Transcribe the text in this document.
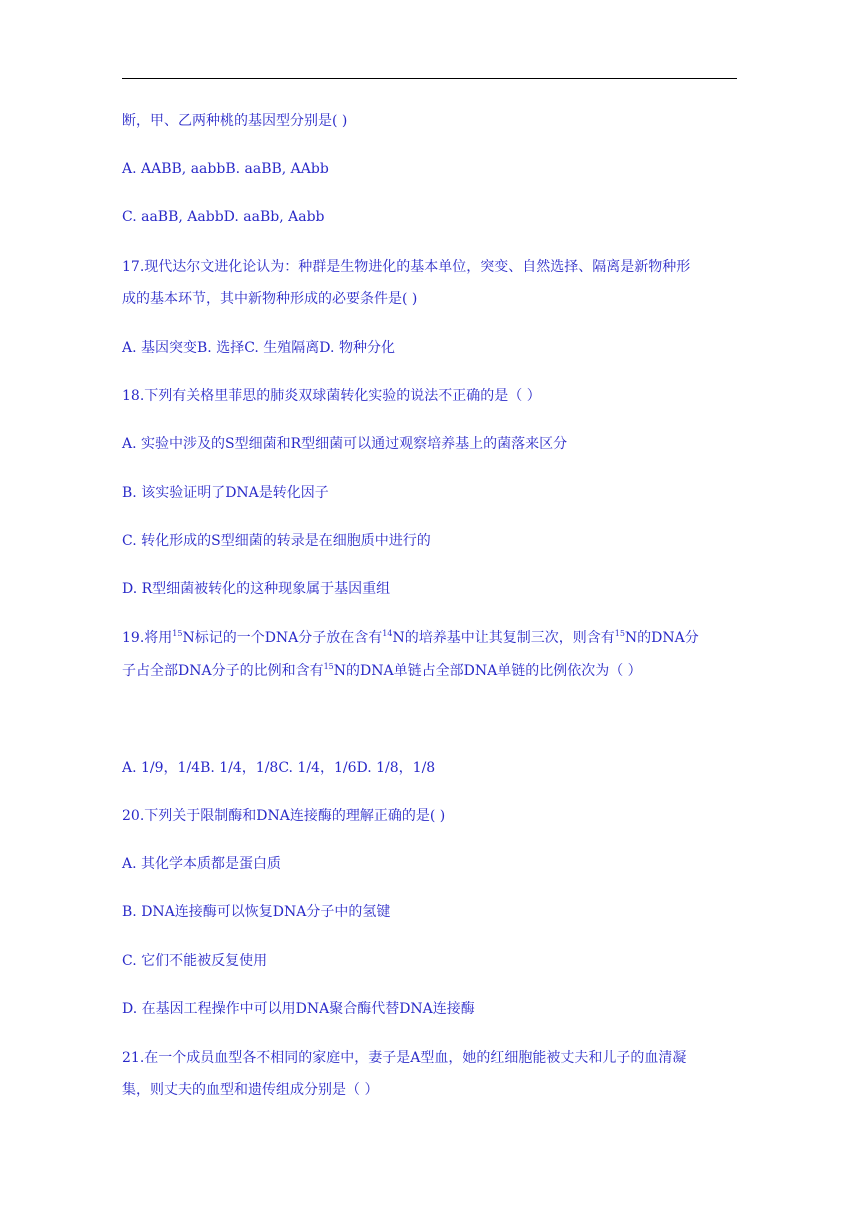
断，甲、乙两种桃的基因型分别是( )
A. AABB, aabbB. aaBB, AAbb
C. aaBB, AabbD. aaBb, Aabb
17.现代达尔文进化论认为：种群是生物进化的基本单位，突变、自然选择、隔离是新物种形
成的基本环节，其中新物种形成的必要条件是( )
A. 基因突变B. 选择C. 生殖隔离D. 物种分化
18.下列有关格里菲思的肺炎双球菌转化实验的说法不正确的是（ ）
A. 实验中涉及的S型细菌和R型细菌可以通过观察培养基上的菌落来区分
B. 该实验证明了DNA是转化因子
C. 转化形成的S型细菌的转录是在细胞质中进行的
D. R型细菌被转化的这种现象属于基因重组
19.将用$^{15}$N标记的一个DNA分子放在含有$^{14}$N的培养基中让其复制三次，则含有$^{15}$N的DNA分
子占全部DNA分子的比例和含有$^{15}$N的DNA单链占全部DNA单链的比例依次为（ ）
A. 1/9，1/4B. 1/4，1/8C. 1/4，1/6D. 1/8，1/8
20.下列关于限制酶和DNA连接酶的理解正确的是( )
A. 其化学本质都是蛋白质
B. DNA连接酶可以恢复DNA分子中的氢键
C. 它们不能被反复使用
D. 在基因工程操作中可以用DNA聚合酶代替DNA连接酶
21.在一个成员血型各不相同的家庭中，妻子是A型血，她的红细胞能被丈夫和儿子的血清凝
集，则丈夫的血型和遗传组成分别是（ ）
